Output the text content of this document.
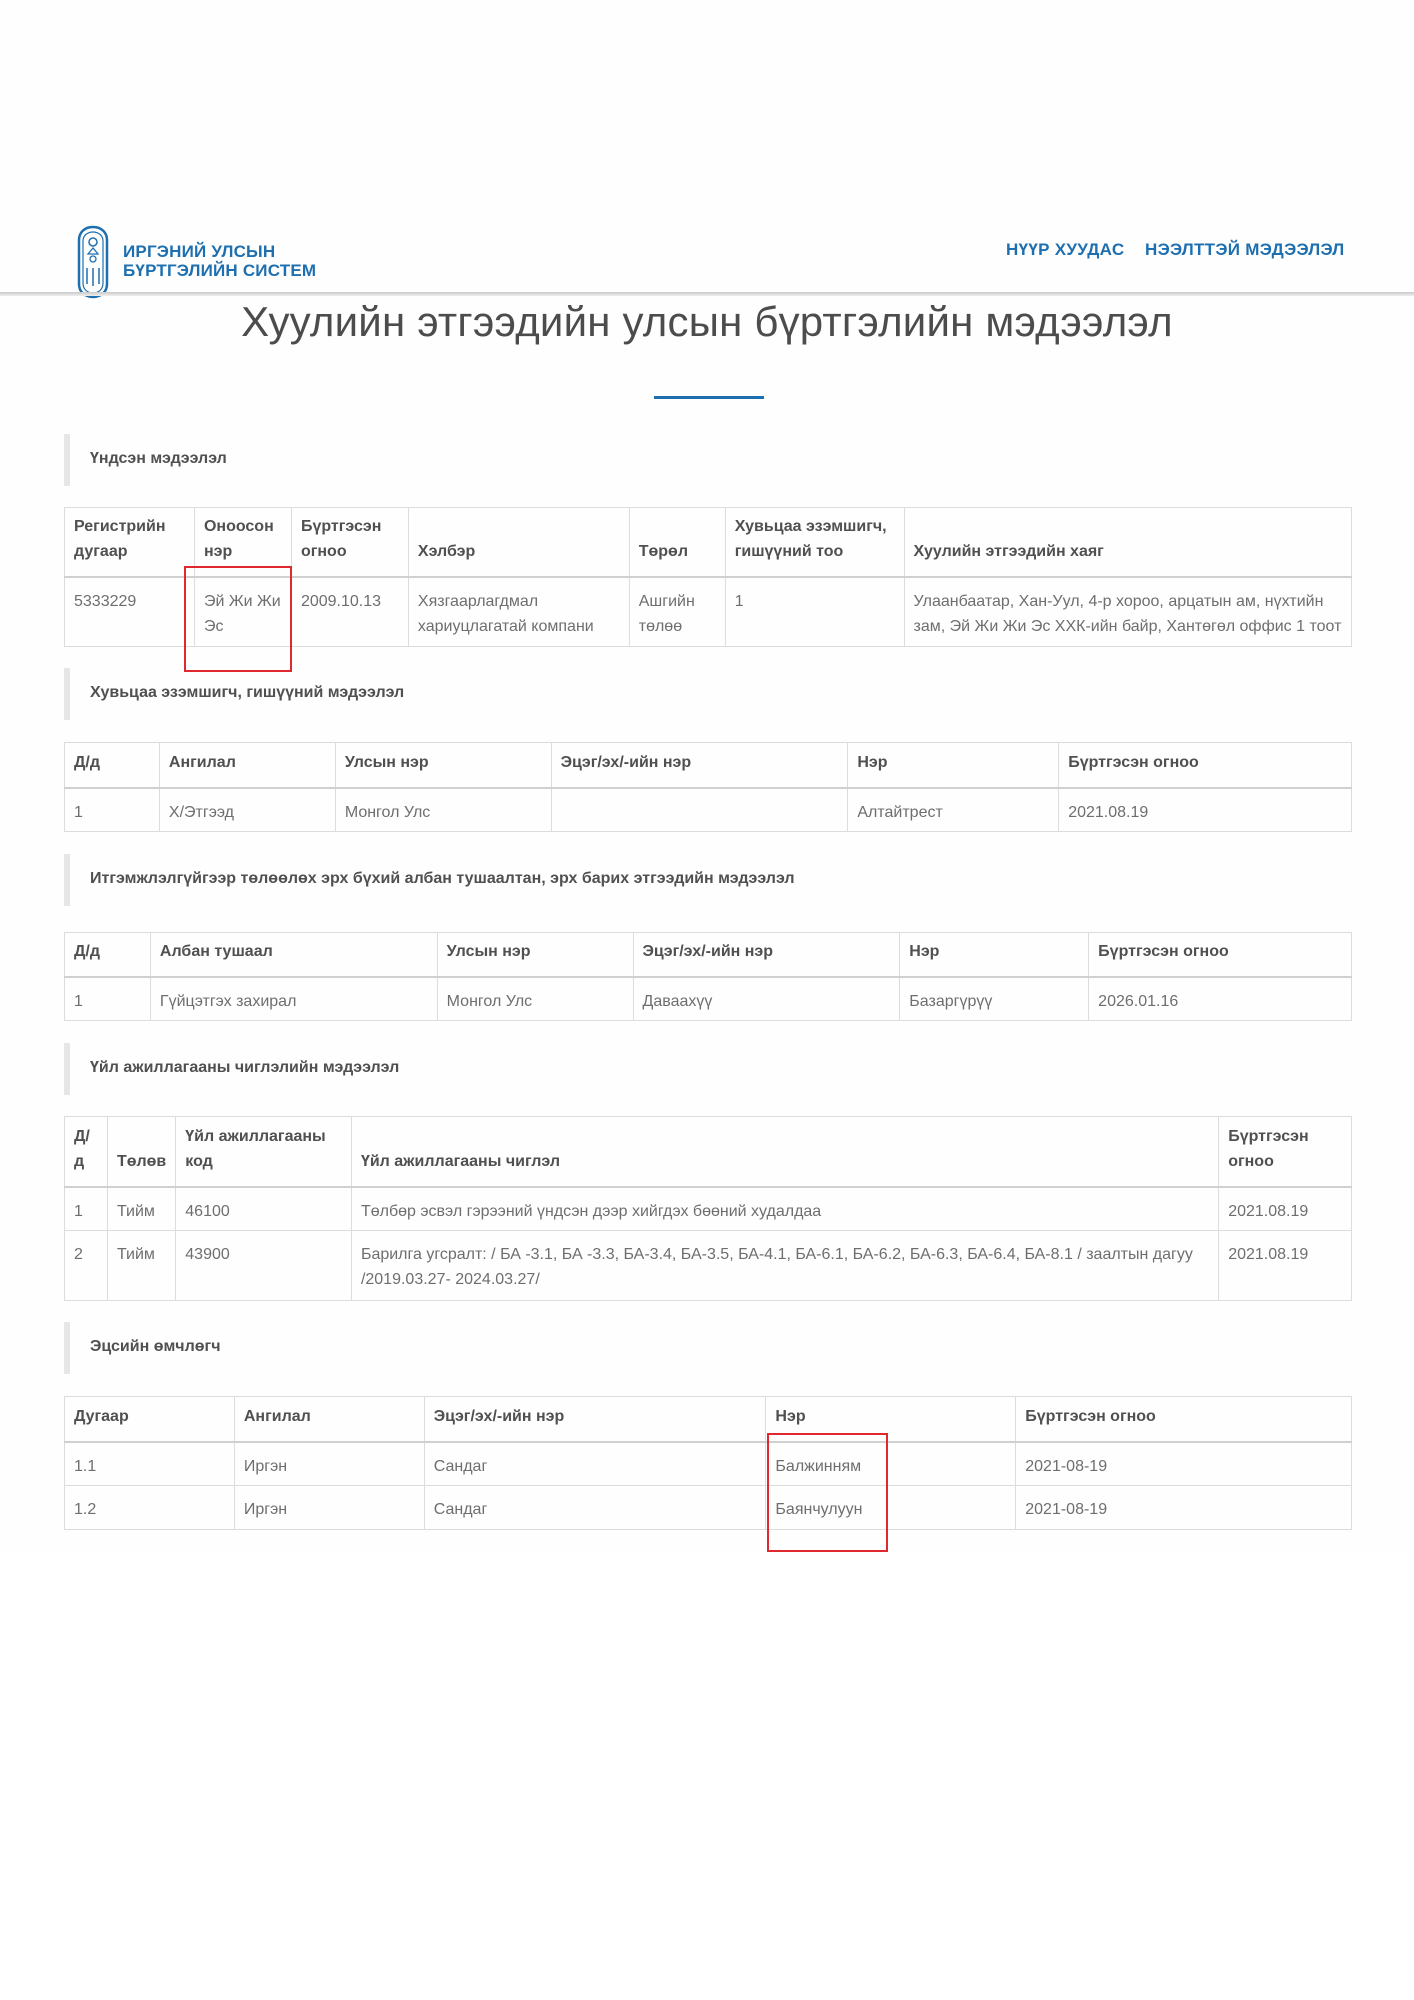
ИРГЭНИЙ УЛСЫН
БҮРТГЭЛИЙН СИСТЕМ
НҮҮР ХУУДАС НЭЭЛТТЭЙ МЭДЭЭЛЭЛ
Хуулийн этгээдийн улсын бүртгэлийн мэдээлэл
Үндсэн мэдээлэл
Регистрийн дугаар	Оноосон нэр	Бүртгэсэн огноо	Хэлбэр	Төрөл	Хувьцаа эзэмшигч, гишүүний тоо	Хуулийн этгээдийн хаяг
5333229	Эй Жи Жи Эс	2009.10.13	Хязгаарлагдмал хариуцлагатай компани	Ашгийн төлөө	1	Улаанбаатар, Хан-Уул, 4-р хороо, арцатын ам, нүхтийн зам, Эй Жи Жи Эс ХХК-ийн байр, Хантөгөл оффис 1 тоот
Хувьцаа эзэмшигч, гишүүний мэдээлэл
Д/д	Ангилал	Улсын нэр	Эцэг/эх/-ийн нэр	Нэр	Бүртгэсэн огноо
1	Х/Этгээд	Монгол Улс		Алтайтрест	2021.08.19
Итгэмжлэлгүйгээр төлөөлөх эрх бүхий албан тушаалтан, эрх барих этгээдийн мэдээлэл
Д/д	Албан тушаал	Улсын нэр	Эцэг/эх/-ийн нэр	Нэр	Бүртгэсэн огноо
1	Гүйцэтгэх захирал	Монгол Улс	Даваахүү	Базаргүрүү	2026.01.16
Үйл ажиллагааны чиглэлийн мэдээлэл
Д/д	Төлөв	Үйл ажиллагааны код	Үйл ажиллагааны чиглэл	Бүртгэсэн огноо
1	Тийм	46100	Төлбөр эсвэл гэрээний үндсэн дээр хийгдэх бөөний худалдаа	2021.08.19
2	Тийм	43900	Барилга угсралт: / БА -3.1, БА -3.3, БА-3.4, БА-3.5, БА-4.1, БА-6.1, БА-6.2, БА-6.3, БА-6.4, БА-8.1 / заалтын дагуу /2019.03.27- 2024.03.27/	2021.08.19
Эцсийн өмчлөгч
Дугаар	Ангилал	Эцэг/эх/-ийн нэр	Нэр	Бүртгэсэн огноо
1.1	Иргэн	Сандаг	Балжинням	2021-08-19
1.2	Иргэн	Сандаг	Баянчулуун	2021-08-19
